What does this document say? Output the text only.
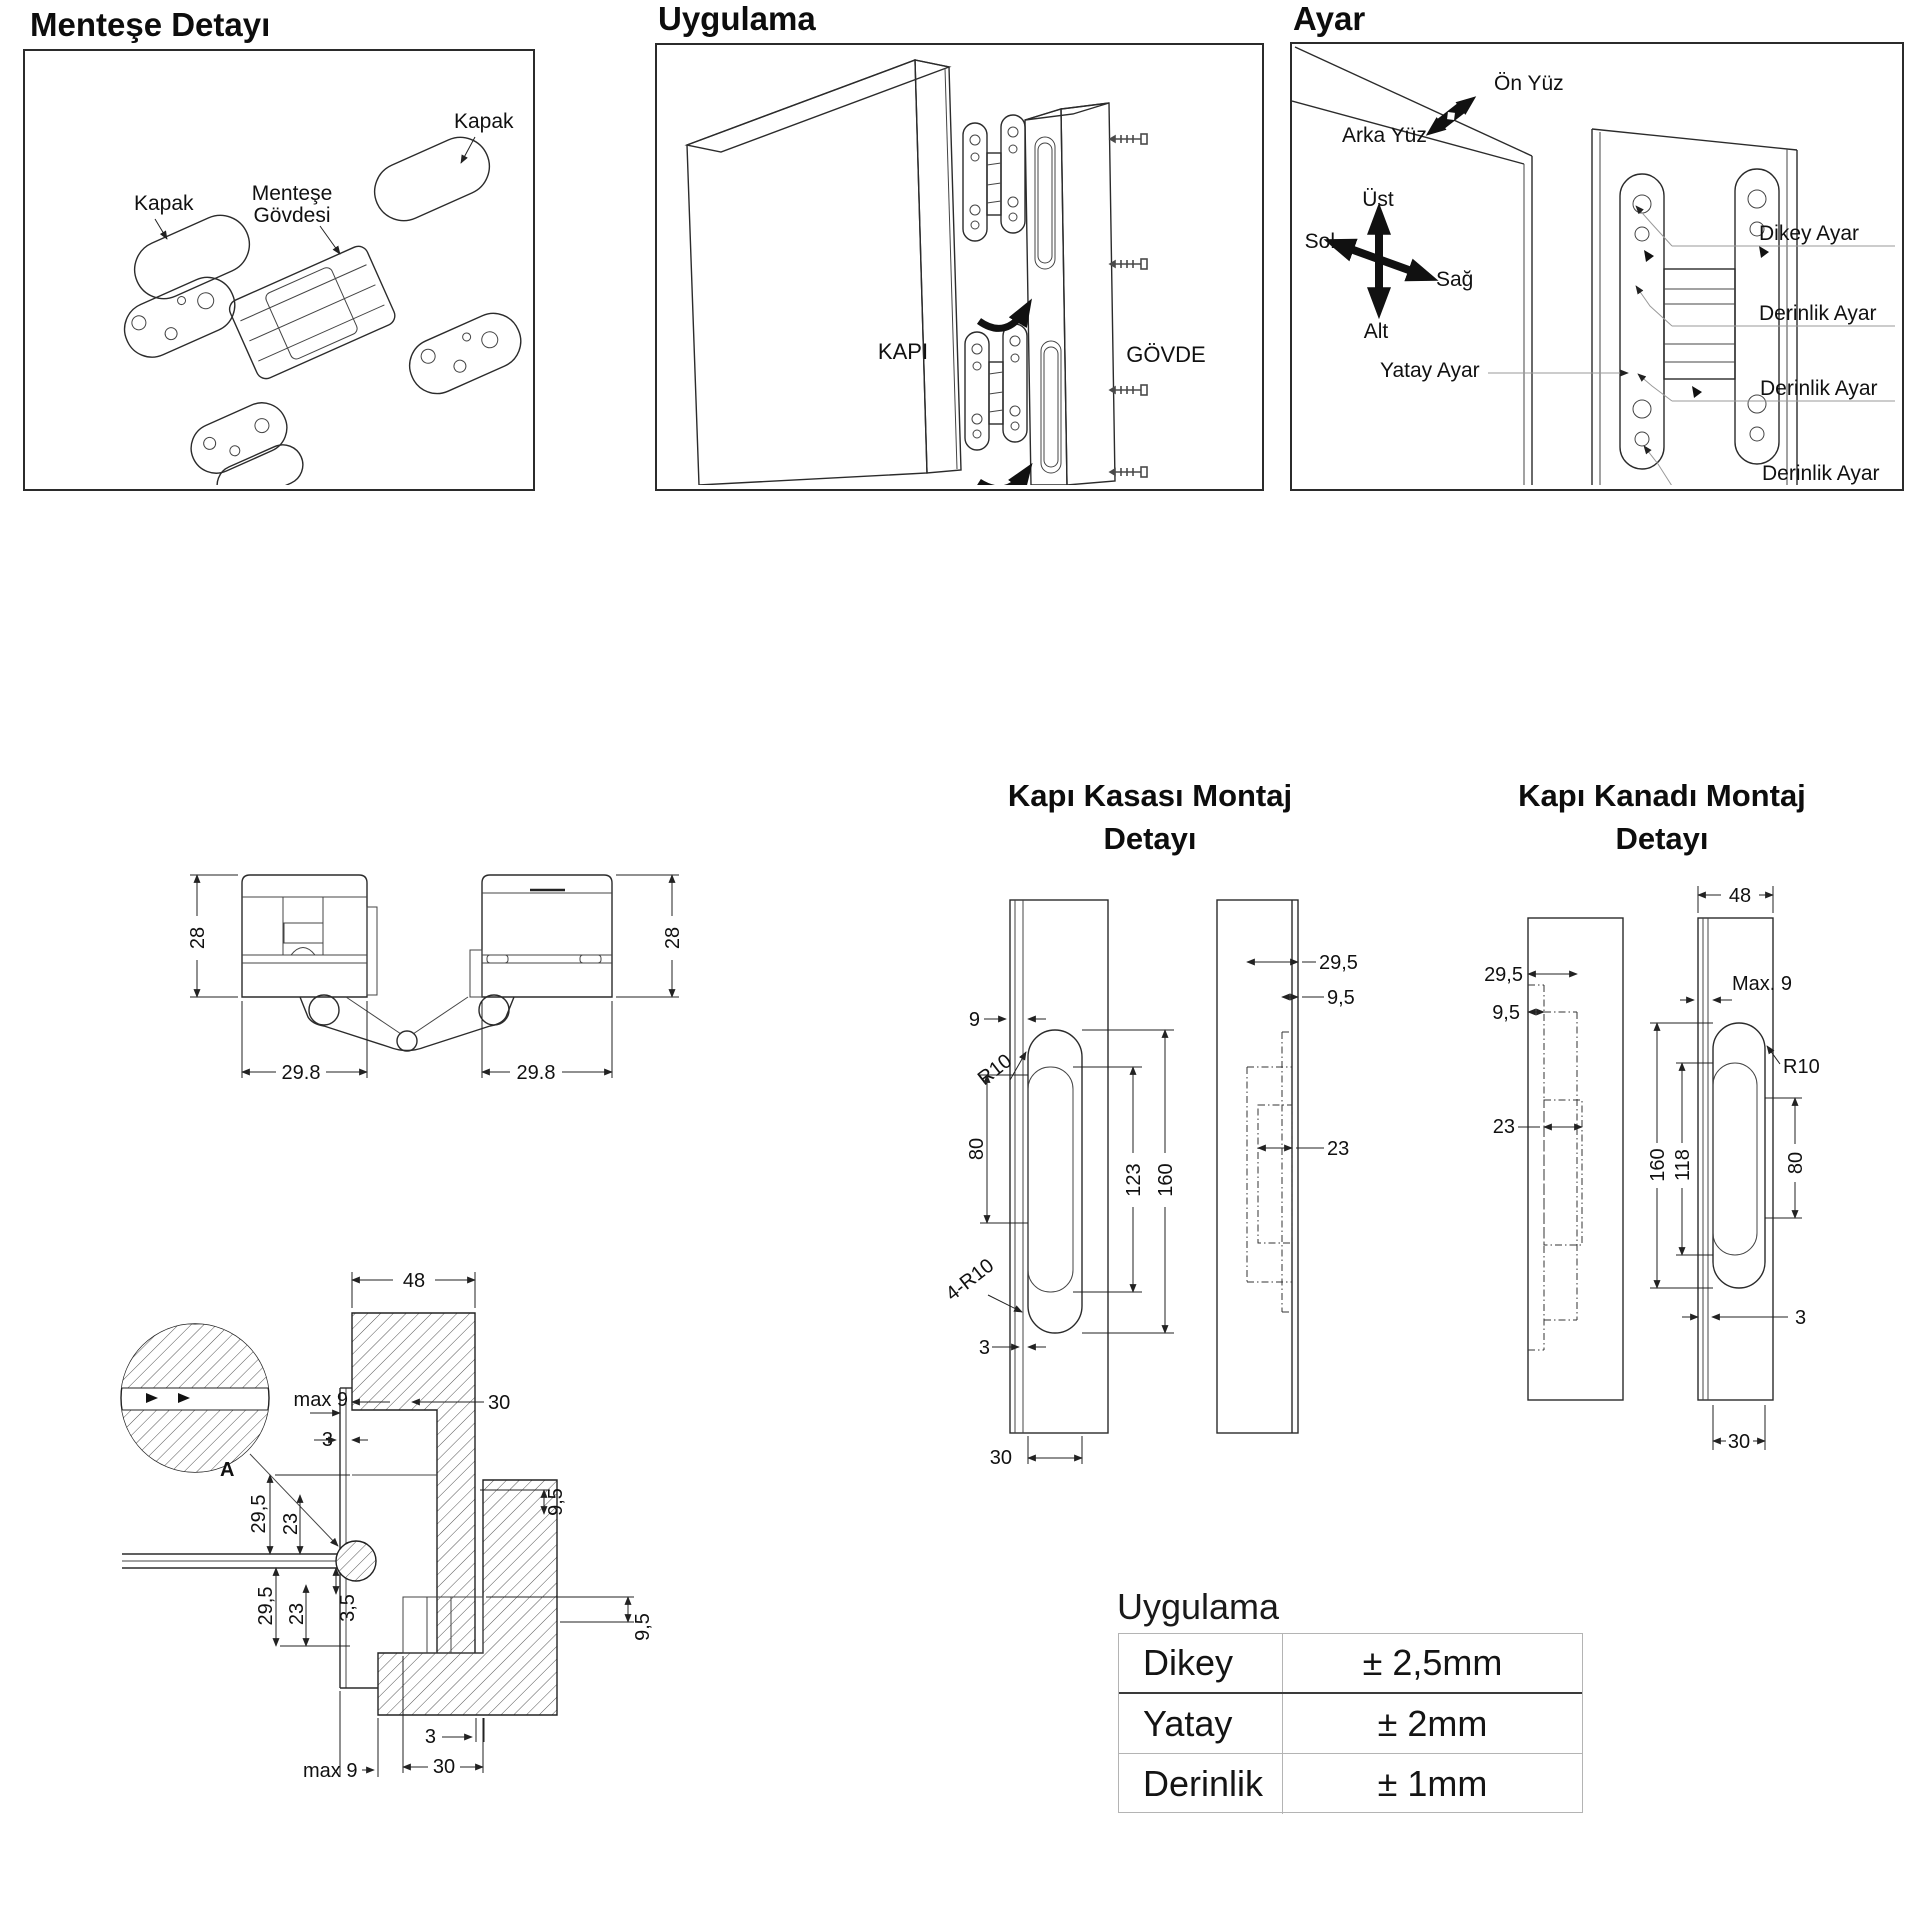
Menteşe Detayı
Kapak	Menteşe
Gövdesi
Kapak
Uygulama
KAPI	GÖVDE
Ayar
Ön Yüz
Arka Yüz
Üst
Sol
Sağ
Alt
Yatay Ayar
Dikey Ayar
Derinlik Ayar
Derinlik Ayar
Derinlik Ayar
28	28
29.8	29.8
A
48
max 9	30
3
29,5 23
9,5
29,5 23 3,5
9,5
3
30
max 9
Kapı Kasası Montaj
Detayı
9
R10
80
123 160
4-R10
3
30
29,5
9,5
23
Kapı Kanadı Montaj
Detayı
29,5
9,5
23
48
Max. 9
R10
160 118	80
3
30
Uygulama
Dikey	± 2,5mm
Yatay	± 2mm
Derinlik	± 1mm
